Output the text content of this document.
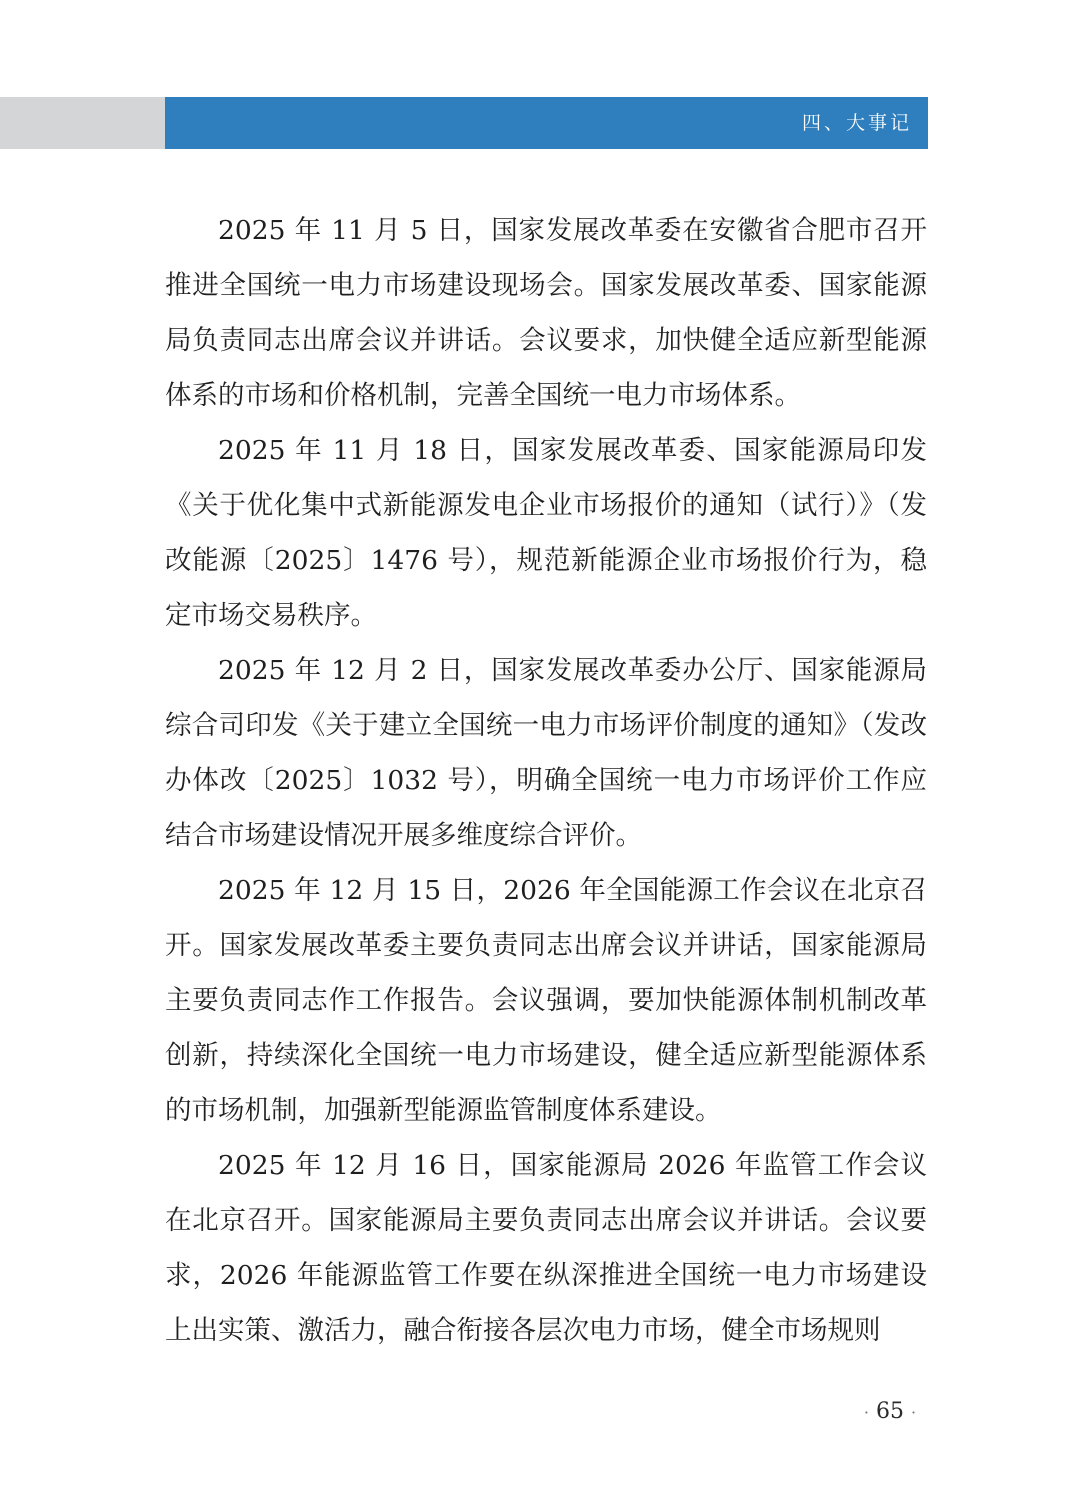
四、大事记

2025 年 11 月 5 日，国家发展改革委在安徽省合肥市召开推进全国统一电力市场建设现场会。国家发展改革委、国家能源局负责同志出席会议并讲话。会议要求，加快健全适应新型能源体系的市场和价格机制，完善全国统一电力市场体系。

2025 年 11 月 18 日，国家发展改革委、国家能源局印发《关于优化集中式新能源发电企业市场报价的通知（试行）》（发改能源〔2025〕1476 号），规范新能源企业市场报价行为，稳定市场交易秩序。

2025 年 12 月 2 日，国家发展改革委办公厅、国家能源局综合司印发《关于建立全国统一电力市场评价制度的通知》（发改办体改〔2025〕1032 号），明确全国统一电力市场评价工作应结合市场建设情况开展多维度综合评价。

2025 年 12 月 15 日，2026 年全国能源工作会议在北京召开。国家发展改革委主要负责同志出席会议并讲话，国家能源局主要负责同志作工作报告。会议强调，要加快能源体制机制改革创新，持续深化全国统一电力市场建设，健全适应新型能源体系的市场机制，加强新型能源监管制度体系建设。

2025 年 12 月 16 日，国家能源局 2026 年监管工作会议在北京召开。国家能源局主要负责同志出席会议并讲话。会议要求，2026 年能源监管工作要在纵深推进全国统一电力市场建设上出实策、激活力，融合衔接各层次电力市场，健全市场规则

· 65 ·
